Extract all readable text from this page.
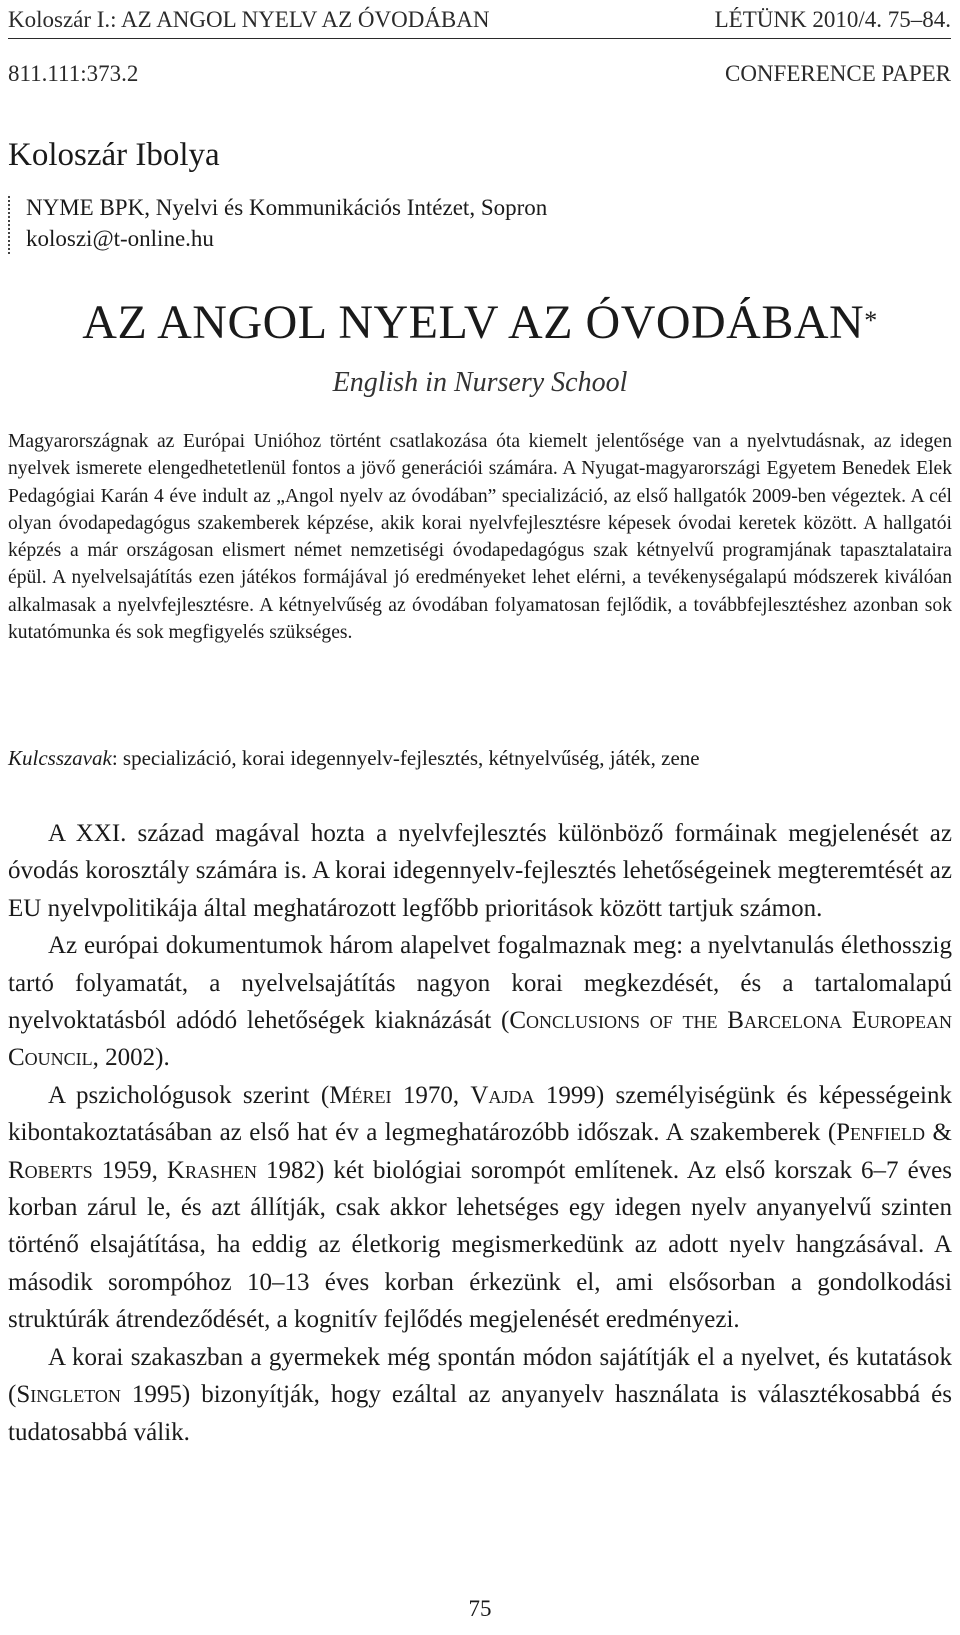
Koloszár I.: AZ ANGOL NYELV AZ ÓVODÁBAN	LÉTÜNK 2010/4. 75–84.
811.111:373.2	CONFERENCE PAPER
Koloszár Ibolya
NYME BPK, Nyelvi és Kommunikációs Intézet, Sopron
koloszi@t-online.hu
AZ ANGOL NYELV AZ ÓVODÁBAN*
English in Nursery School

Magyarországnak az Európai Unióhoz történt csatlakozása óta kiemelt jelentősége van a nyelvtudásnak, az idegen nyelvek ismerete elengedhetetlenül fontos a jövő generációi számára. A Nyugat-magyarországi Egyetem Benedek Elek Pedagógiai Karán 4 éve indult az „Angol nyelv az óvodában” specializáció, az első hallgatók 2009-ben végeztek. A cél olyan óvodapedagógus szakemberek képzése, akik korai nyelvfejlesztésre képesek óvodai keretek között. A hallgatói képzés a már országosan elismert német nemzetiségi óvodapedagógus szak kétnyelvű programjának tapasztalataira épül. A nyelvelsajátítás ezen játékos formájával jó eredményeket lehet elérni, a tevékenységalapú módszerek kiválóan alkalmasak a nyelvfejlesztésre. A kétnyelvűség az óvodában folyamatosan fejlődik, a továbbfejlesztéshez azonban sok kutatómunka és sok megfigyelés szükséges.

Kulcsszavak: specializáció, korai idegennyelv-fejlesztés, kétnyelvűség, játék, zene

A XXI. század magával hozta a nyelvfejlesztés különböző formáinak megjelenését az óvodás korosztály számára is. A korai idegennyelv-fejlesztés lehetőségeinek megteremtését az EU nyelvpolitikája által meghatározott legfőbb prioritások között tartjuk számon.

Az európai dokumentumok három alapelvet fogalmaznak meg: a nyelvtanulás élethosszig tartó folyamatát, a nyelvelsajátítás nagyon korai megkezdését, és a tartalomalapú nyelvoktatásból adódó lehetőségek kiaknázását (Conclusions of the Barcelona European Council, 2002).

A pszichológusok szerint (Mérei 1970, Vajda 1999) személyiségünk és képességeink kibontakoztatásában az első hat év a legmeghatározóbb időszak. A szakemberek (Penfield & Roberts 1959, Krashen 1982) két biológiai sorompót említenek. Az első korszak 6–7 éves korban zárul le, és azt állítják, csak akkor lehetséges egy idegen nyelv anyanyelvű szinten történő elsajátítása, ha eddig az életkorig megismerkedünk az adott nyelv hangzásával. A második sorompóhoz 10–13 éves korban érkezünk el, ami elsősorban a gondolkodási struktúrák átrendeződését, a kognitív fejlődés megjelenését eredményezi.

A korai szakaszban a gyermekek még spontán módon sajátítják el a nyelvet, és kutatások (Singleton 1995) bizonyítják, hogy ezáltal az anyanyelv használata is választékosabbá és tudatosabbá válik.

75
